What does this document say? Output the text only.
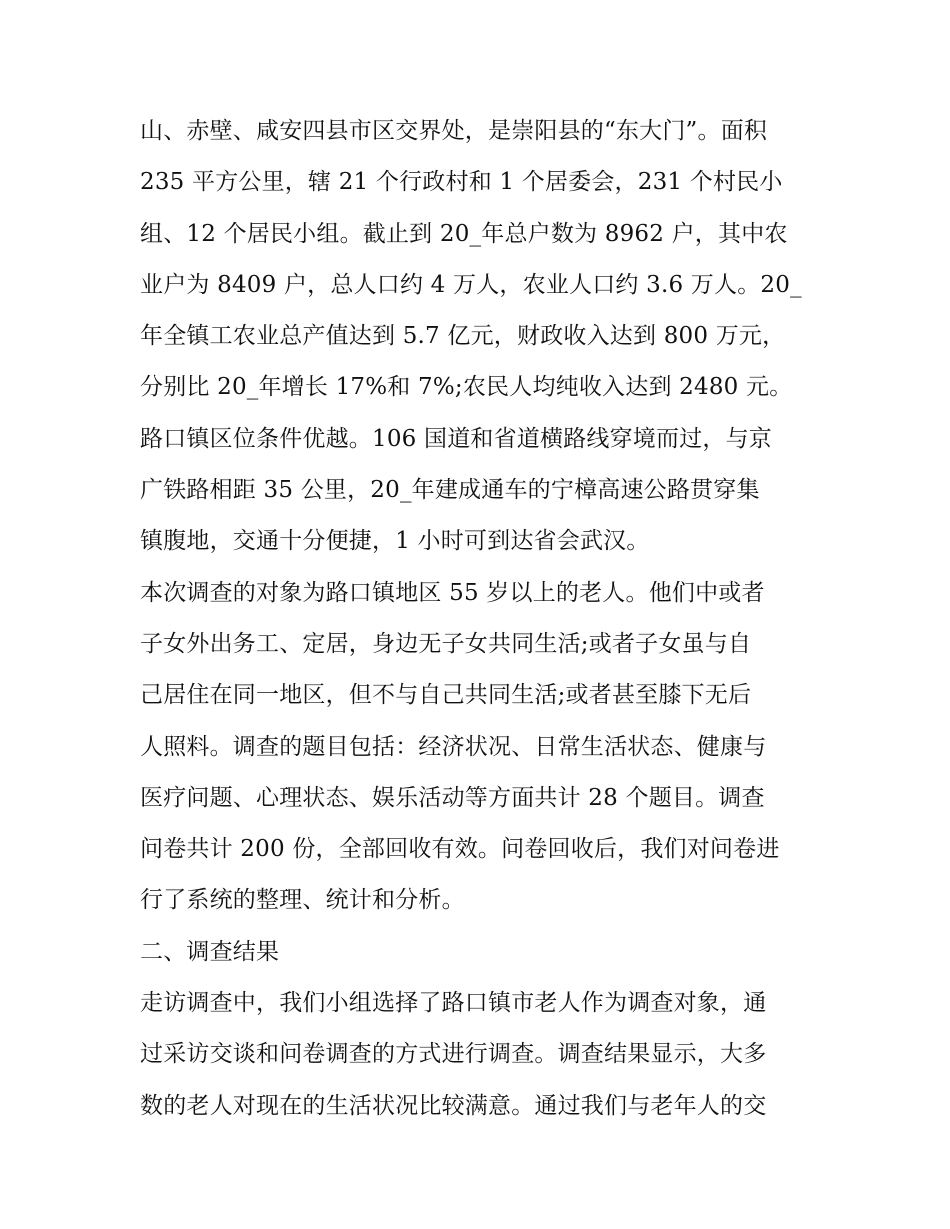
山、赤壁、咸安四县市区交界处，是崇阳县的“东大门”。面积
235 平方公里，辖 21 个行政村和 1 个居委会，231 个村民小
组、12 个居民小组。截止到 20_年总户数为 8962 户，其中农
业户为 8409 户，总人口约 4 万人，农业人口约 3.6 万人。20_
年全镇工农业总产值达到 5.7 亿元，财政收入达到 800 万元，
分别比 20_年增长 17%和 7%;农民人均纯收入达到 2480 元。
路口镇区位条件优越。106 国道和省道横路线穿境而过，与京
广铁路相距 35 公里，20_年建成通车的宁樟高速公路贯穿集
镇腹地，交通十分便捷，1 小时可到达省会武汉。
本次调查的对象为路口镇地区 55 岁以上的老人。他们中或者
子女外出务工、定居，身边无子女共同生活;或者子女虽与自
己居住在同一地区，但不与自己共同生活;或者甚至膝下无后
人照料。调查的题目包括：经济状况、日常生活状态、健康与
医疗问题、心理状态、娱乐活动等方面共计 28 个题目。调查
问卷共计 200 份，全部回收有效。问卷回收后，我们对问卷进
行了系统的整理、统计和分析。
二、调查结果
走访调查中，我们小组选择了路口镇市老人作为调查对象，通
过采访交谈和问卷调查的方式进行调查。调查结果显示，大多
数的老人对现在的生活状况比较满意。通过我们与老年人的交
